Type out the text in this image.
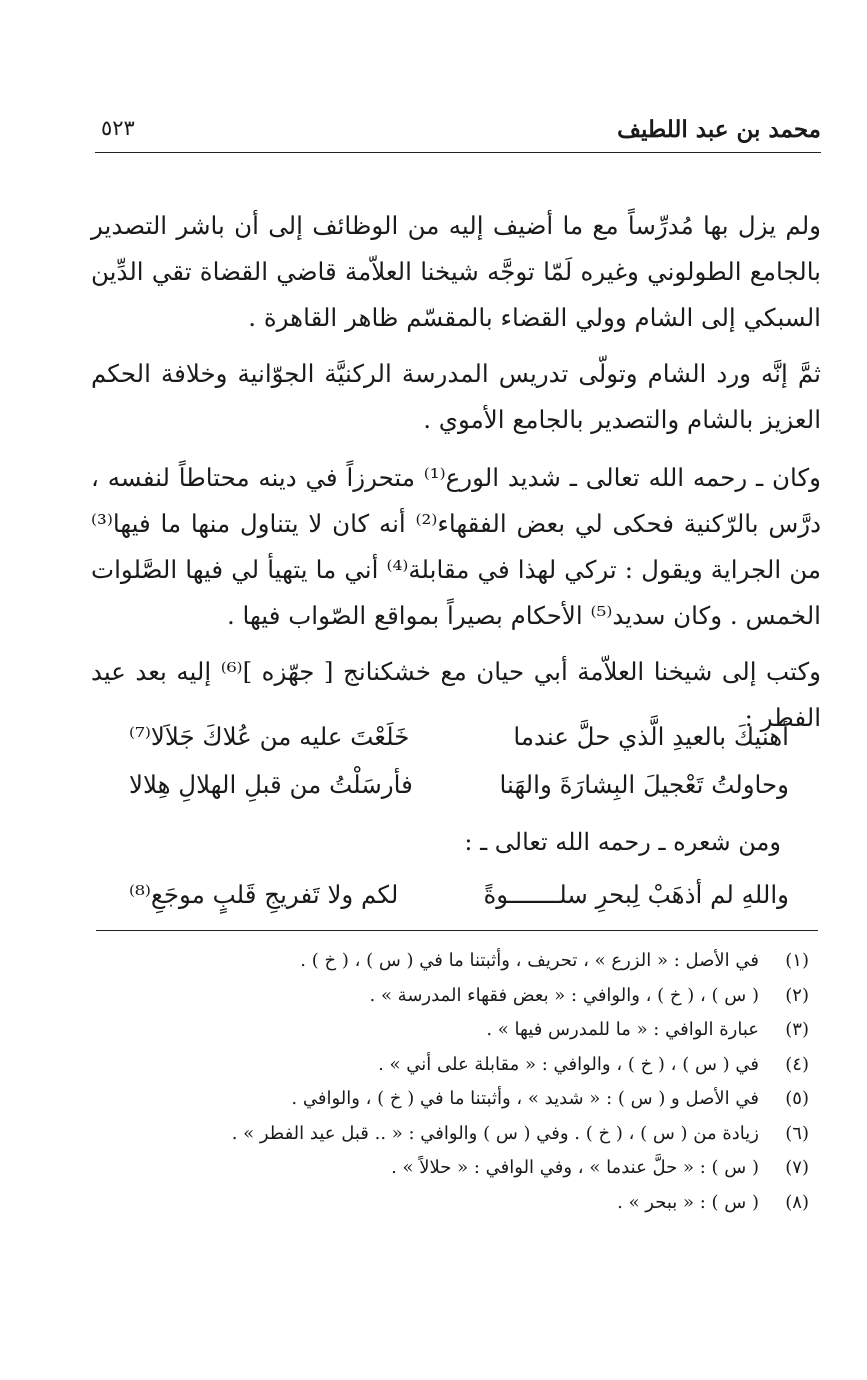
محمد بن عبد اللطيف
٥٢٣

ولم يزل بها مُدرِّساً مع ما أضيف إليه من الوظائف إلى أن باشر التصدير بالجامع الطولوني وغيره لَمّا توجَّه شيخنا العلاّمة قاضي القضاة تقي الدِّين السبكي إلى الشام وولي القضاء بالمقسّم ظاهر القاهرة .

ثمَّ إنَّه ورد الشام وتولّى تدريس المدرسة الركنيَّة الجوّانية وخلافة الحكم العزيز بالشام والتصدير بالجامع الأموي .

وكان ـ رحمه الله تعالى ـ شديد الورع⁽¹⁾ متحرزاً في دينه محتاطاً لنفسه ، درَّس بالرّكنية فحكى لي بعض الفقهاء⁽²⁾ أنه كان لا يتناول منها ما فيها⁽³⁾ من الجراية ويقول : تركي لهذا في مقابلة⁽⁴⁾ أني ما يتهيأ لي فيها الصَّلوات الخمس . وكان سديد⁽⁵⁾ الأحكام بصيراً بمواقع الصّواب فيها .

وكتب إلى شيخنا العلاّمة أبي حيان مع خشكنانج [ جهّزه ]⁽⁶⁾ إليه بعد عيد الفطر :

أهنيكَ بالعيدِ الَّذي حلَّ عندما
خَلَعْتَ عليه من عُلاكَ جَلاَلا⁽⁷⁾
وحاولتُ تَعْجيلَ البِشارَةَ والهَنا
فأرسَلْتُ من قبلِ الهلالِ هِلالا
ومن شعره ـ رحمه الله تعالى ـ :
واللهِ لم أذهَبْ لِبحرِ سلـــــــوةً
لكم ولا تَفريجِ قَلبٍ موجَعِ⁽⁸⁾
(١)
في الأصل : « الزرع » ، تحريف ، وأثبتنا ما في ( س ) ، ( خ ) .
(٢)
( س ) ، ( خ ) ، والوافي : « بعض فقهاء المدرسة » .
(٣)
عبارة الوافي : « ما للمدرس فيها » .
(٤)
في ( س ) ، ( خ ) ، والوافي : « مقابلة على أني » .
(٥)
في الأصل و ( س ) : « شديد » ، وأثبتنا ما في ( خ ) ، والوافي .
(٦)
زيادة من ( س ) ، ( خ ) . وفي ( س ) والوافي : « .. قبل عيد الفطر » .
(٧)
( س ) : « حلَّ عندما » ، وفي الوافي : « حلالاً » .
(٨)
( س ) : « ببحر » .
